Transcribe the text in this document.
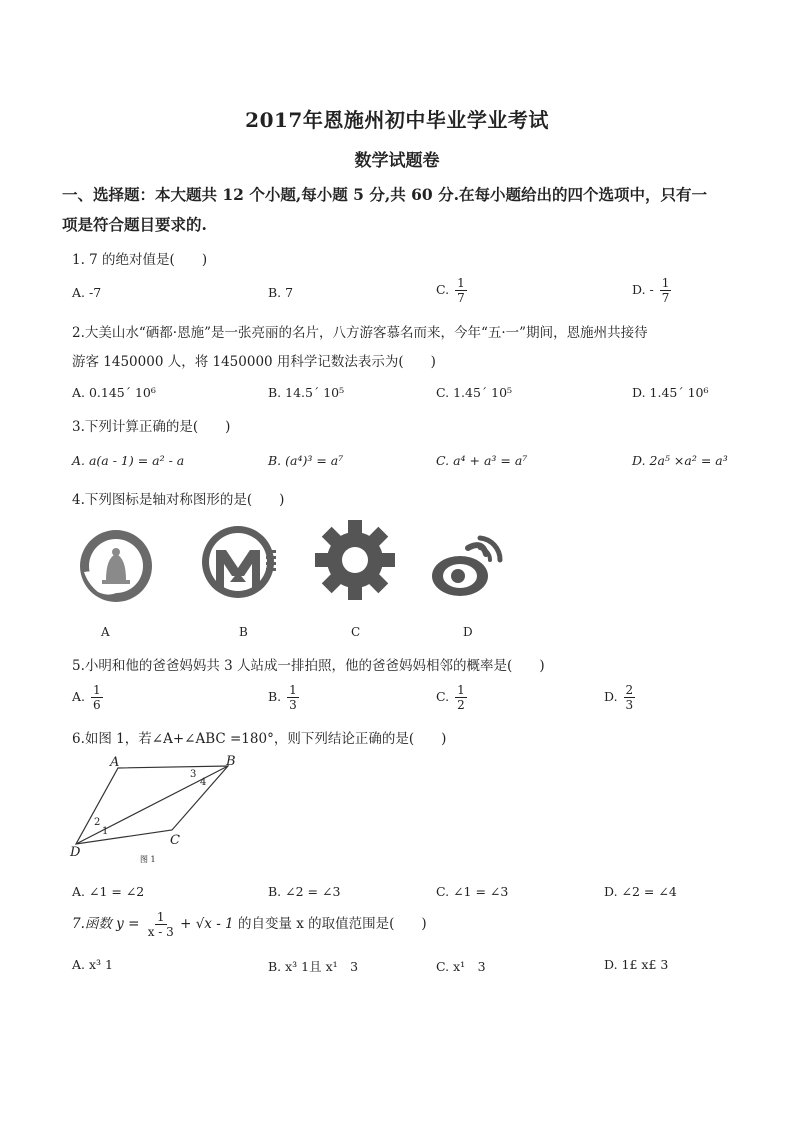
2017年恩施州初中毕业学业考试
数学试题卷
一、选择题：本大题共 12 个小题,每小题 5 分,共 60 分.在每小题给出的四个选项中，只有一
项是符合题目要求的.
1. 7 的绝对值是(　　)
A. -7	B. 7	C. $\frac{1}{7}$	D. - $\frac{1}{7}$
2.大美山水“硒都·恩施”是一张亮丽的名片，八方游客慕名而来，今年“五·一”期间，恩施州共接待
游客 1450000 人，将 1450000 用科学记数法表示为(　　)
A. 0.145´ 10⁶	B. 14.5´ 10⁵	C. 1.45´ 10⁵	D. 1.45´ 10⁶
3.下列计算正确的是(　　)
A. a(a - 1) = a² - a	B. (a⁴)³ = a⁷	C. a⁴ + a³ = a⁷	D. 2a⁵ ×a² = a³
4.下列图标是轴对称图形的是(　　)
A	B	C	D
5.小明和他的爸爸妈妈共 3 人站成一排拍照，他的爸爸妈妈相邻的概率是(　　)
A. $\frac{1}{6}$	B. $\frac{1}{3}$	C. $\frac{1}{2}$	D. $\frac{2}{3}$
6.如图 1，若∠A+∠ABC =180°，则下列结论正确的是(　　)
A	B
C
D
1
2
3
4
图 1
A. ∠1 = ∠2	B. ∠2 = ∠3	C. ∠1 = ∠3	D. ∠2 = ∠4
7.函数 $y = \frac{1}{x - 3} + √x - 1$ 的自变量 x 的取值范围是(　　)
A. x³ 1	B. x³ 1且 x¹　3	C. x¹　3	D. 1£ x£ 3
